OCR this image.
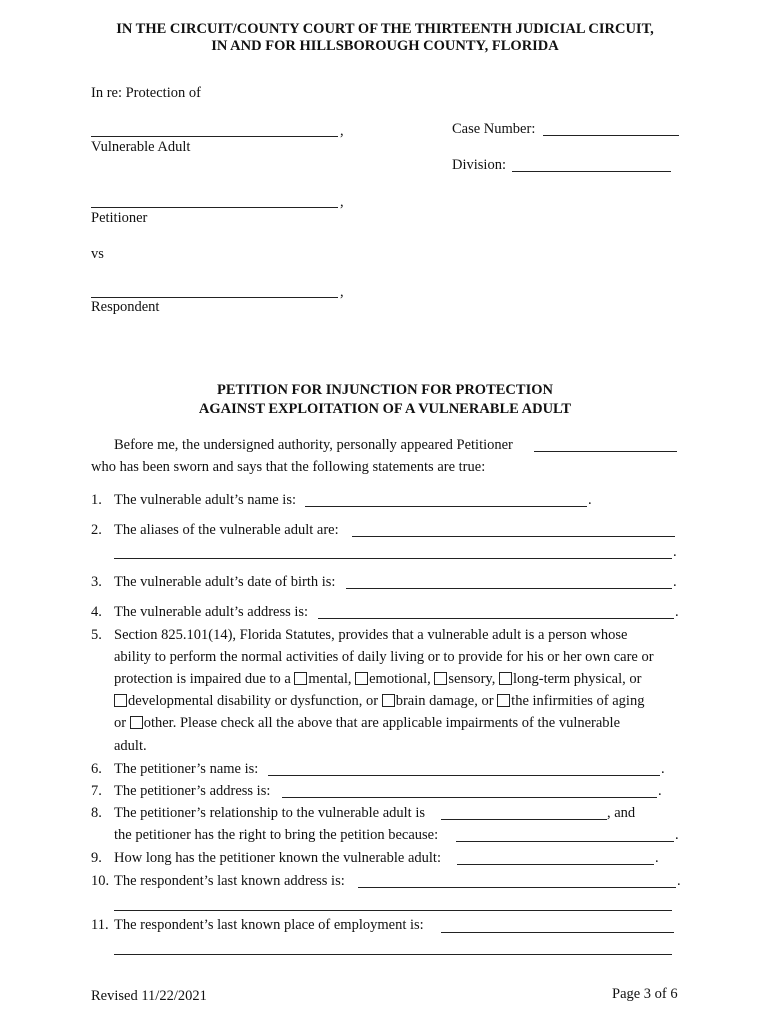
IN THE CIRCUIT/COUNTY COURT OF THE THIRTEENTH JUDICIAL CIRCUIT,
IN AND FOR HILLSBOROUGH COUNTY, FLORIDA
In re: Protection of
,
Vulnerable Adult
Case Number:
Division:
,
Petitioner
vs
,
Respondent
PETITION FOR INJUNCTION FOR PROTECTION
AGAINST EXPLOITATION OF A VULNERABLE ADULT
Before me, the undersigned authority, personally appeared Petitioner
who has been sworn and says that the following statements are true:
1. The vulnerable adult’s name is:	.
2. The aliases of the vulnerable adult are:
.
3. The vulnerable adult’s date of birth is:	.
4. The vulnerable adult’s address is:	.
5. Section 825.101(14), Florida Statutes, provides that a vulnerable adult is a person whose
ability to perform the normal activities of daily living or to provide for his or her own care or
protection is impaired due to a mental, emotional, sensory, long-term physical, or
developmental disability or dysfunction, or brain damage, or the infirmities of aging
or other. Please check all the above that are applicable impairments of the vulnerable
adult.
6. The petitioner’s name is:	.
7. The petitioner’s address is:	.
8. The petitioner’s relationship to the vulnerable adult is	, and
the petitioner has the right to bring the petition because:	.
9. How long has the petitioner known the vulnerable adult:	.
10. The respondent’s last known address is:	.
11. The respondent’s last known place of employment is:
Revised 11/22/2021	Page 3 of 6
